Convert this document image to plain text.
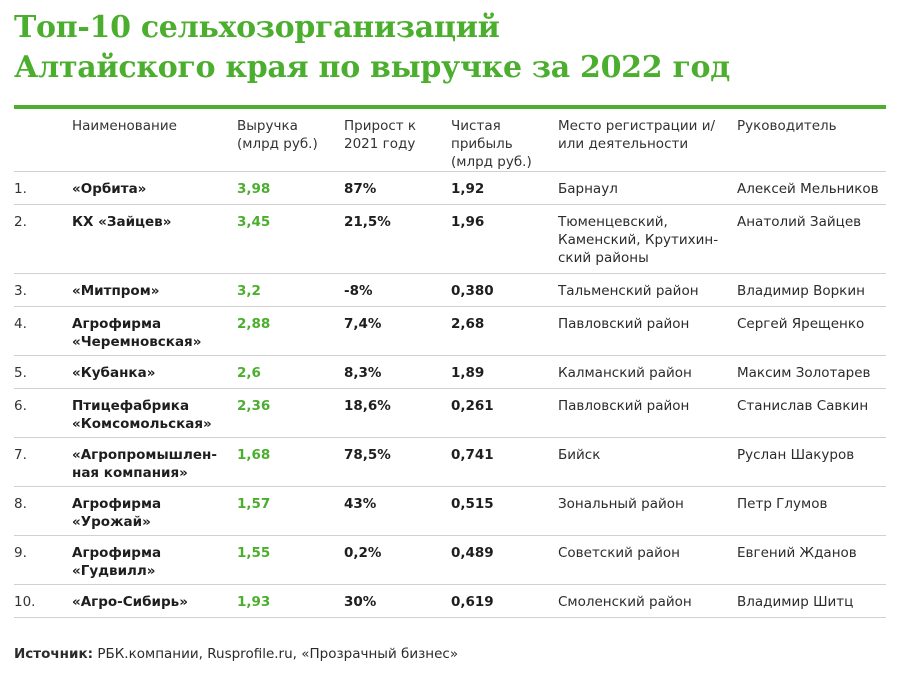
Топ-10 сельхозорганизаций
Алтайского края по выручке за 2022 год
	Наименование	Выручка (млрд руб.)	Прирост к 2021 году	Чистая прибыль (млрд руб.)	Место регистрации и/или деятельности	Руководитель
1.	«Орбита»	3,98	87%	1,92	Барнаул	Алексей Мельников
2.	КХ «Зайцев»	3,45	21,5%	1,96	Тюменцевский, Каменский, Крутихин- ский районы	Анатолий Зайцев
3.	«Митпром»	3,2	-8%	0,380	Тальменский район	Владимир Воркин
4.	Агрофирма «Черемновская»	2,88	7,4%	2,68	Павловский район	Сергей Ярещенко
5.	«Кубанка»	2,6	8,3%	1,89	Калманский район	Максим Золотарев
6.	Птицефабрика «Комсомольская»	2,36	18,6%	0,261	Павловский район	Станислав Савкин
7.	«Агропромышлен- ная компания»	1,68	78,5%	0,741	Бийск	Руслан Шакуров
8.	Агрофирма «Урожай»	1,57	43%	0,515	Зональный район	Петр Глумов
9.	Агрофирма «Гудвилл»	1,55	0,2%	0,489	Советский район	Евгений Жданов
10.	«Агро-Сибирь»	1,93	30%	0,619	Смоленский район	Владимир Шитц
Источник: РБК.компании, Rusprofile.ru, «Прозрачный бизнес»
